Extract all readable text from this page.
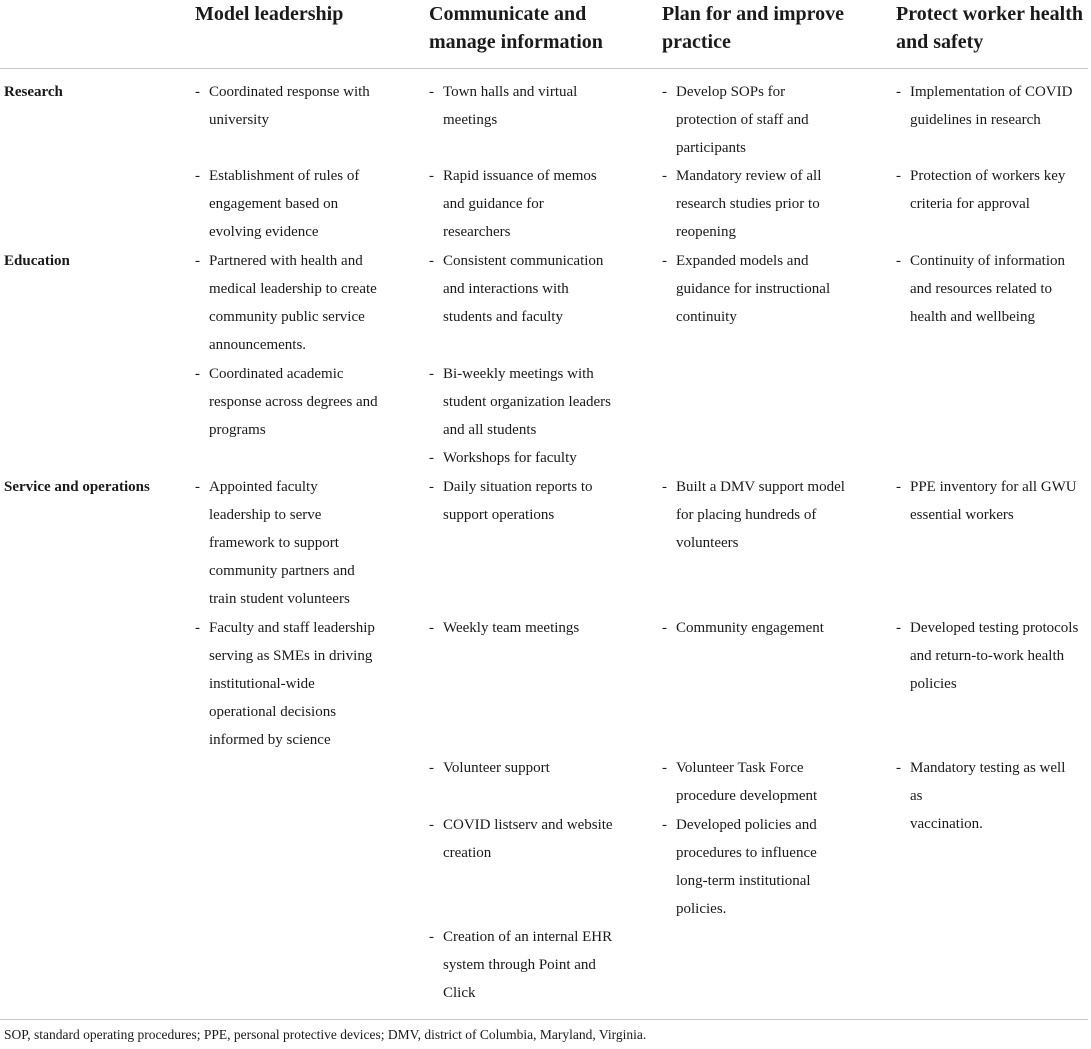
Model leadership	Communicate and
manage information
Plan for and improve
practice
Protect worker health
and safety
Research
Education
Service and operations
- Coordinated response with
university
- Establishment of rules of
engagement based on
evolving evidence
- Town halls and virtual
meetings
- Rapid issuance of memos
and guidance for
researchers
- Develop SOPs for
protection of staff and
participants
- Mandatory review of all
research studies prior to
reopening
- Implementation of COVID
guidelines in research
- Protection of workers key
criteria for approval
- Partnered with health and
medical leadership to create
community public service
announcements.
- Coordinated academic
response across degrees and
programs
- Consistent communication
and interactions with
students and faculty
- Bi-weekly meetings with
student organization leaders
and all students
- Workshops for faculty
- Expanded models and
guidance for instructional
continuity
- Continuity of information
and resources related to
health and wellbeing
- Appointed faculty
leadership to serve
framework to support
community partners and
train student volunteers
- Faculty and staff leadership
serving as SMEs in driving
institutional-wide
operational decisions
informed by science
- Daily situation reports to
support operations
- Weekly team meetings
- Volunteer support
- COVID listserv and website
creation
- Creation of an internal EHR
system through Point and
Click
- Built a DMV support model
for placing hundreds of
volunteers
- Community engagement
- Volunteer Task Force
procedure development
- Developed policies and
procedures to influence
long-term institutional
policies.
- PPE inventory for all GWU
essential workers
- Developed testing protocols
and return-to-work health
policies
- Mandatory testing as well as
vaccination.
SOP, standard operating procedures; PPE, personal protective devices; DMV, district of Columbia, Maryland, Virginia.
